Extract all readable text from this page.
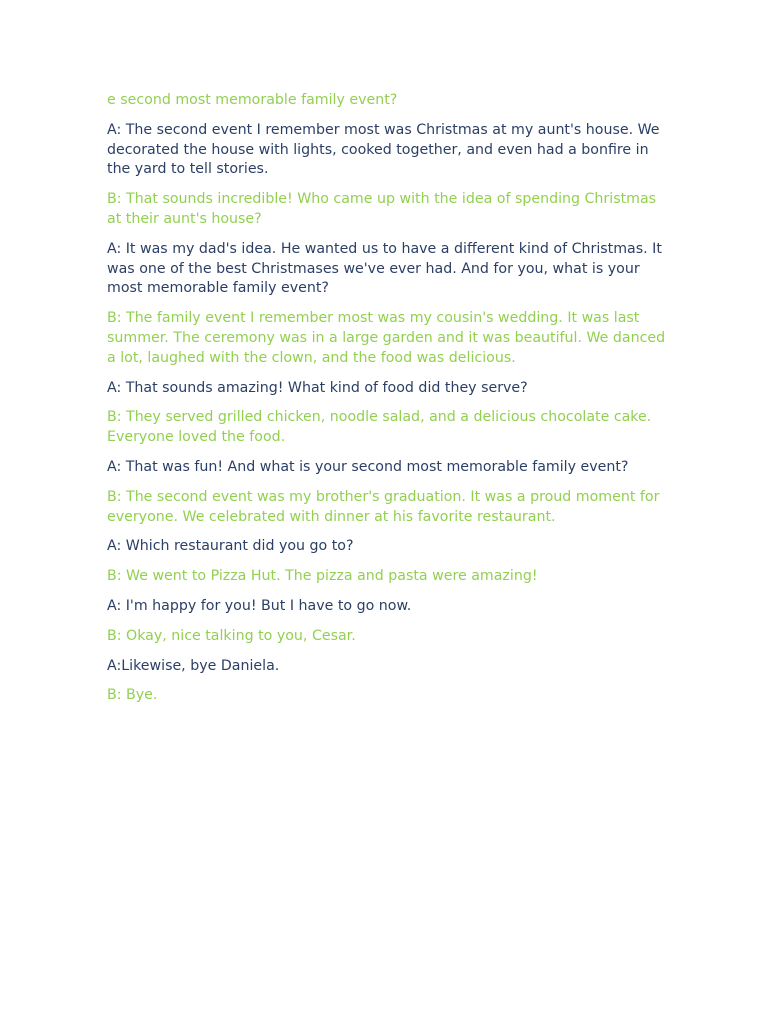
e second most memorable family event?

A: The second event I remember most was Christmas at my aunt's house. We decorated the house with lights, cooked together, and even had a bonfire in the yard to tell stories.

B: That sounds incredible! Who came up with the idea of spending Christmas at their aunt's house?

A: It was my dad's idea. He wanted us to have a different kind of Christmas. It was one of the best Christmases we've ever had. And for you, what is your most memorable family event?

B: The family event I remember most was my cousin's wedding. It was last summer. The ceremony was in a large garden and it was beautiful. We danced a lot, laughed with the clown, and the food was delicious.

A: That sounds amazing! What kind of food did they serve?

B: They served grilled chicken, noodle salad, and a delicious chocolate cake. Everyone loved the food.

A: That was fun! And what is your second most memorable family event?

B: The second event was my brother's graduation. It was a proud moment for everyone. We celebrated with dinner at his favorite restaurant.

A: Which restaurant did you go to?

B: We went to Pizza Hut. The pizza and pasta were amazing!

A: I'm happy for you! But I have to go now.

B: Okay, nice talking to you, Cesar.

A:Likewise, bye Daniela.

B: Bye.
